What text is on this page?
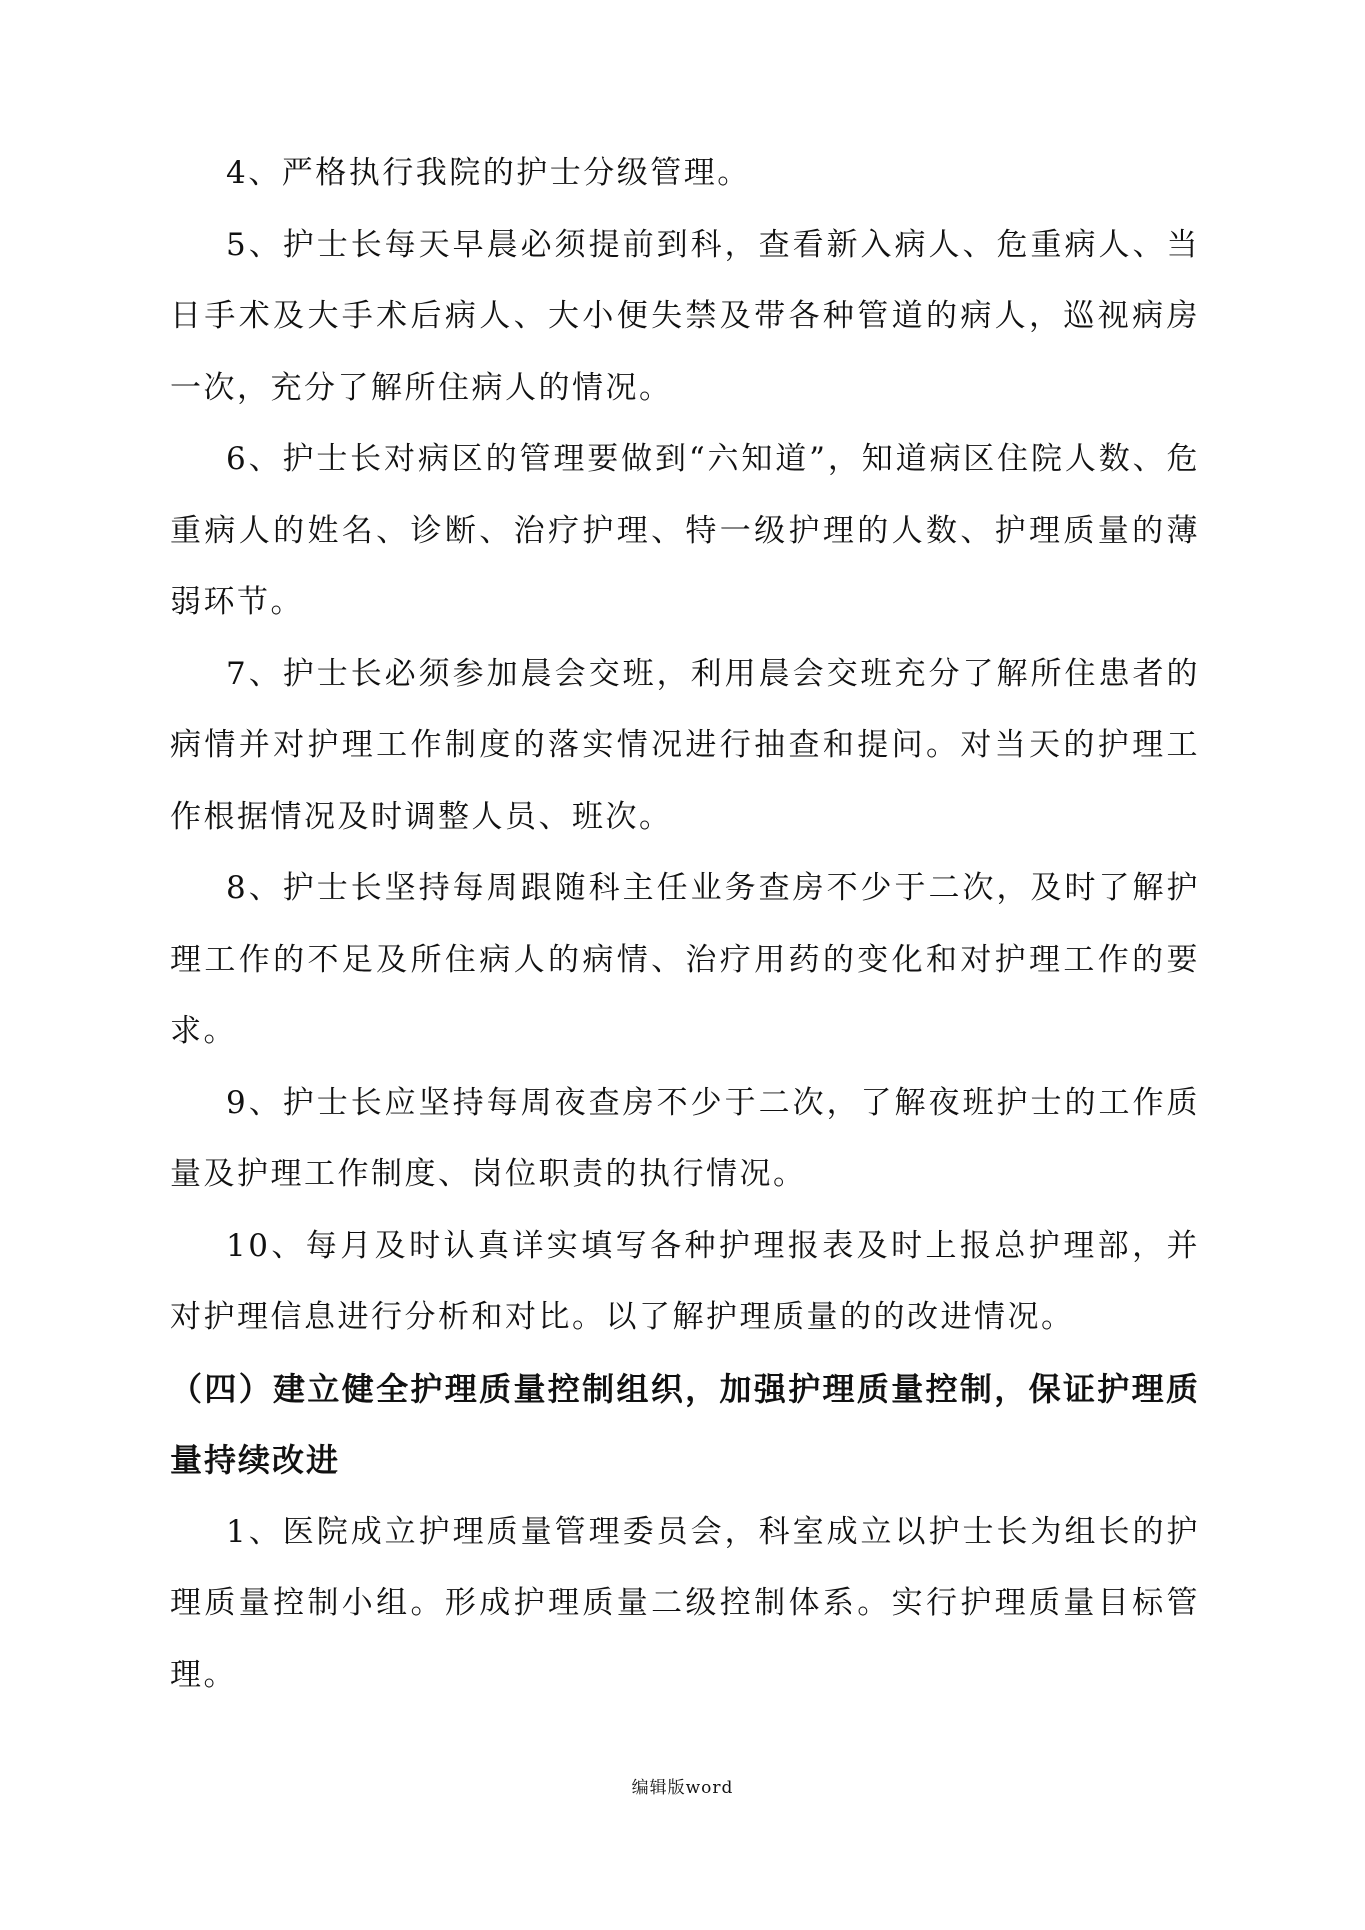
4、严格执行我院的护士分级管理。

5、护士长每天早晨必须提前到科，查看新入病人、危重病人、当日手术及大手术后病人、大小便失禁及带各种管道的病人，巡视病房一次，充分了解所住病人的情况。

6、护士长对病区的管理要做到“六知道”，知道病区住院人数、危重病人的姓名、诊断、治疗护理、特一级护理的人数、护理质量的薄弱环节。

7、护士长必须参加晨会交班，利用晨会交班充分了解所住患者的病情并对护理工作制度的落实情况进行抽查和提问。对当天的护理工作根据情况及时调整人员、班次。

8、护士长坚持每周跟随科主任业务查房不少于二次，及时了解护理工作的不足及所住病人的病情、治疗用药的变化和对护理工作的要求。

9、护士长应坚持每周夜查房不少于二次，了解夜班护士的工作质量及护理工作制度、岗位职责的执行情况。

10、每月及时认真详实填写各种护理报表及时上报总护理部，并对护理信息进行分析和对比。以了解护理质量的的改进情况。

（四）建立健全护理质量控制组织，加强护理质量控制，保证护理质量持续改进

1、医院成立护理质量管理委员会，科室成立以护士长为组长的护理质量控制小组。形成护理质量二级控制体系。实行护理质量目标管理。

编辑版word
